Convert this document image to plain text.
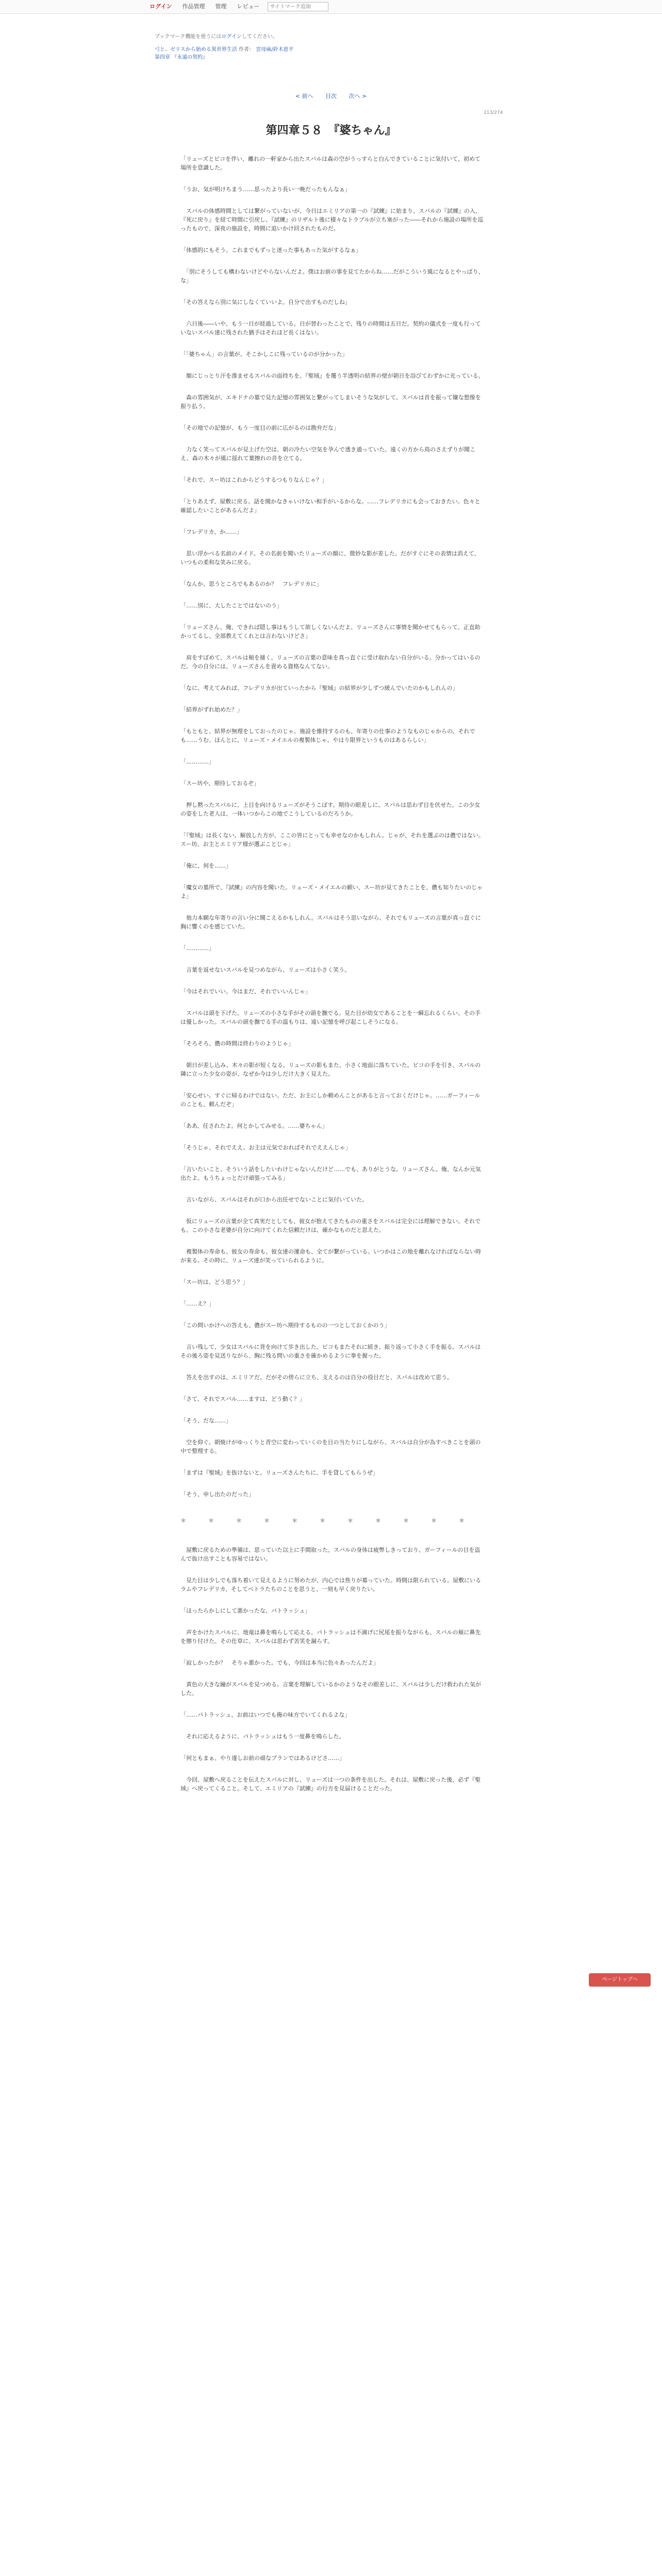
ログイン	作品管理	管理	レビュー
サイトマーク追加
ブックマーク機能を使うにはログインしてください。
弓と、ゼリスから始める異世界生活 作者： 雲母麻/鈴木恵平
第四章 『永遠の契約』
< 前へ 目次 次へ >
213/274
第四章５８　『婆ちゃん』

「リューズとビコを伴い、離れの一軒家から出たスバルは森の空がうっすらと白んできていることに気付いて、初めて場所を意識した。

「うお、気が明けちまう……思ったより長い一晩だったもんなぁ」

　スバルの体感時間としては繋がっていないが、今日はエミリアの第一の『試練』に始まり、スバルの『試練』の入、『死に戻り』を経て時間に引戻し、『試練』のリザルト後に様々なトラブルが立ち塞がった――それから施設の場所を巡ったもので、深夜の施設を、時間に追いかけ回されたものだ。

「体感的にもそう。これまでもずっと迷った事もあった気がするなぁ」

　「別にそうしても構わないけどやらないんだよ。僕はお前の事を見てたからね……だがこういう風になるとやっぱり、な」

「その答えなら別に気にしなくていいよ。自分で出すものだしね」

　六日後――いや、もう一日が経過している。日が替わったことで、残りの時間は五日だ。契約の儀式を一度も行っていないスバル達に残された猶予はそれほど長くはない。

「「婆ちゃん」の言葉が、そこかしこに残っているのが分かった」

　額にじっとり汗を滲ませるスバルの面持ちを、『聖域』を覆う半透明の結界の壁が朝日を浴びてわずかに光っている。

　森の雰囲気が、エキドナの墓で見た記憶の雰囲気と繋がってしまいそうな気がして、スバルは首を振って嫌な想像を振り払う。

「その地での記憶が、もう一度目の前に広がるのは勘弁だな」

　力なく笑ってスバルが見上げた空は、朝の冷たい空気を孕んで透き通っていた。遠くの方から鳥のさえずりが聞こえ、森の木々が風に揺れて葉擦れの音を立てる。

「それで、スー坊はこれからどうするつもりなんじゃ？」

「とりあえず、屋敷に戻る。話を聞かなきゃいけない相手がいるからな。……フレデリカにも会っておきたい。色々と確認したいことがあるんだよ」

「フレデリカ、か……」

　思い浮かべる名前のメイド。その名前を聞いたリューズの顔に、微妙な影が差した。だがすぐにその表情は消えて、いつもの柔和な笑みに戻る。

「なんか、思うところでもあるのか？　フレデリカに」

「……別に、大したことではないのう」

「リューズさん、俺、できれば隠し事はもうして欲しくないんだよ。リューズさんに事情を聞かせてもらって、正直助かってるし、全部教えてくれとは言わないけどさ」

　肩をすぼめて、スバルは頬を掻く。リューズの言葉の意味を真っ直ぐに受け取れない自分がいる。分かってはいるのだ。今の自分には、リューズさんを責める資格なんてない。

「なに、考えてみれば、フレデリカが出ていったから『聖域』の結界が少しずつ緩んでいたのかもしれんの」

「結界がずれ始めた？」

「もともと、結界が無理をしておったのじゃ。施設を維持するのも、年寄りの仕事のようなものじゃからの。それでも……うむ。ほんとに、リューズ・メイエルの複製体じゃ。やはり限界というものはあるらしい」

「…………」

「スー坊や、期待しておるぞ」

　押し黙ったスバルに、上目を向けるリューズがそうこぼす。期待の眼差しに、スバルは思わず目を伏せた。この少女の姿をした老人は、一体いつからこの地でこうしているのだろうか。

「『聖域』は長くない。解放した方が、ここの皆にとっても幸せなのかもしれん。じゃが、それを選ぶのは儂ではない。スー坊、お主とエミリア様が選ぶことじゃ」

「俺に、何を……」

「魔女の墓所で、『試練』の内容を聞いた。リューズ・メイエルの願い、スー坊が見てきたことを、儂も知りたいのじゃよ」

　他力本願な年寄りの言い分に聞こえるかもしれん。スバルはそう思いながら、それでもリューズの言葉が真っ直ぐに胸に響くのを感じていた。

「…………」

　言葉を返せないスバルを見つめながら、リューズは小さく笑う。

「今はそれでいい。今はまだ、それでいいんじゃ」

　スバルは頭を下げた。リューズの小さな手がその頭を撫でる。見た目が幼女であることを一瞬忘れるくらい、その手は優しかった。スバルの頭を撫でる手の温もりは、遠い記憶を呼び起こしそうになる。

「そろそろ、儂の時間は終わりのようじゃ」

　朝日が差し込み、木々の影が短くなる。リューズの影もまた、小さく地面に落ちていた。ビコの手を引き、スバルの隣に立った少女の姿が、なぜか今は少しだけ大きく見えた。

「安心せい。すぐに帰るわけではない。ただ、お主にしか頼めんことがあると言っておくだけじゃ。……ガーフィールのことも、頼んだぞ」

「ああ、任されたよ。何とかしてみせる。……婆ちゃん」

「そうじゃ、それでええ。お主は元気でおればそれでええんじゃ」

「言いたいこと、そういう話をしたいわけじゃないんだけど……でも、ありがとうな。リューズさん。俺、なんか元気出たよ。もうちょっとだけ頑張ってみる」

　言いながら、スバルはそれが口から出任せでないことに気付いていた。

　仮にリューズの言葉が全て真実だとしても、彼女が抱えてきたものの重さをスバルは完全には理解できない。それでも、この小さな老婆が自分に向けてくれた信頼だけは、確かなものだと思えた。

　複製体の寿命も、彼女の寿命も、彼女達の運命も、全てが繋がっている。いつかはこの地を離れなければならない時が来る。その時に、リューズ達が笑っていられるように。

「スー坊は、どう思う？」

「……え？」

「この問いかけへの答えも、儂がスー坊へ期待するものの一つとしておくかのう」

　言い残して、少女はスバルに背を向けて歩き出した。ビコもまたそれに続き、振り返って小さく手を振る。スバルはその後ろ姿を見送りながら、胸に残る問いの重さを確かめるように拳を握った。

　答えを出すのは、エミリアだ。だがその傍らに立ち、支えるのは自分の役目だと、スバルは改めて思う。

「さて、それでスバル……ますは、どう動く？」

「そう、だな……」

　空を仰ぐ。朝焼けがゆっくりと青空に変わっていくのを目の当たりにしながら、スバルは自分が為すべきことを頭の中で整理する。

「まずは『聖域』を抜けないと。リューズさんたちに、手を貸してもらうぜ」

「そう、申し出たのだった」

＊　＊　＊　＊　＊　＊　＊　＊　＊　＊　＊

　屋敷に戻るための準備は、思っていた以上に手間取った。スバルの身体は疲弊しきっており、ガーフィールの目を盗んで抜け出すことも容易ではない。

　見た目は少しでも落ち着いて見えるように努めたが、内心では焦りが募っていた。時間は限られている。屋敷にいるラムやフレデリカ、そしてペトラたちのことを思うと、一刻も早く戻りたい。

「ほったらかしにして悪かったな、パトラッシュ」

　声をかけたスバルに、地竜は鼻を鳴らして応える。パトラッシュは不満げに尻尾を振りながらも、スバルの頬に鼻先を擦り付けた。その仕草に、スバルは思わず苦笑を漏らす。

「寂しかったか？　そりゃ悪かった。でも、今回は本当に色々あったんだよ」

　黄色の大きな瞳がスバルを見つめる。言葉を理解しているかのようなその眼差しに、スバルは少しだけ救われた気がした。

「……パトラッシュ、お前はいつでも俺の味方でいてくれるよな」

　それに応えるように、パトラッシュはもう一度鼻を鳴らした。

「何ともまぁ、やり遂しお前の頑なプランではあるけどさ……」

　今回、屋敷へ戻ることを伝えたスバルに対し、リューズは一つの条件を出した。それは、屋敷に戻った後、必ず『聖域』へ戻ってくること。そして、エミリアの『試練』の行方を見届けることだった。

ページトップへ
